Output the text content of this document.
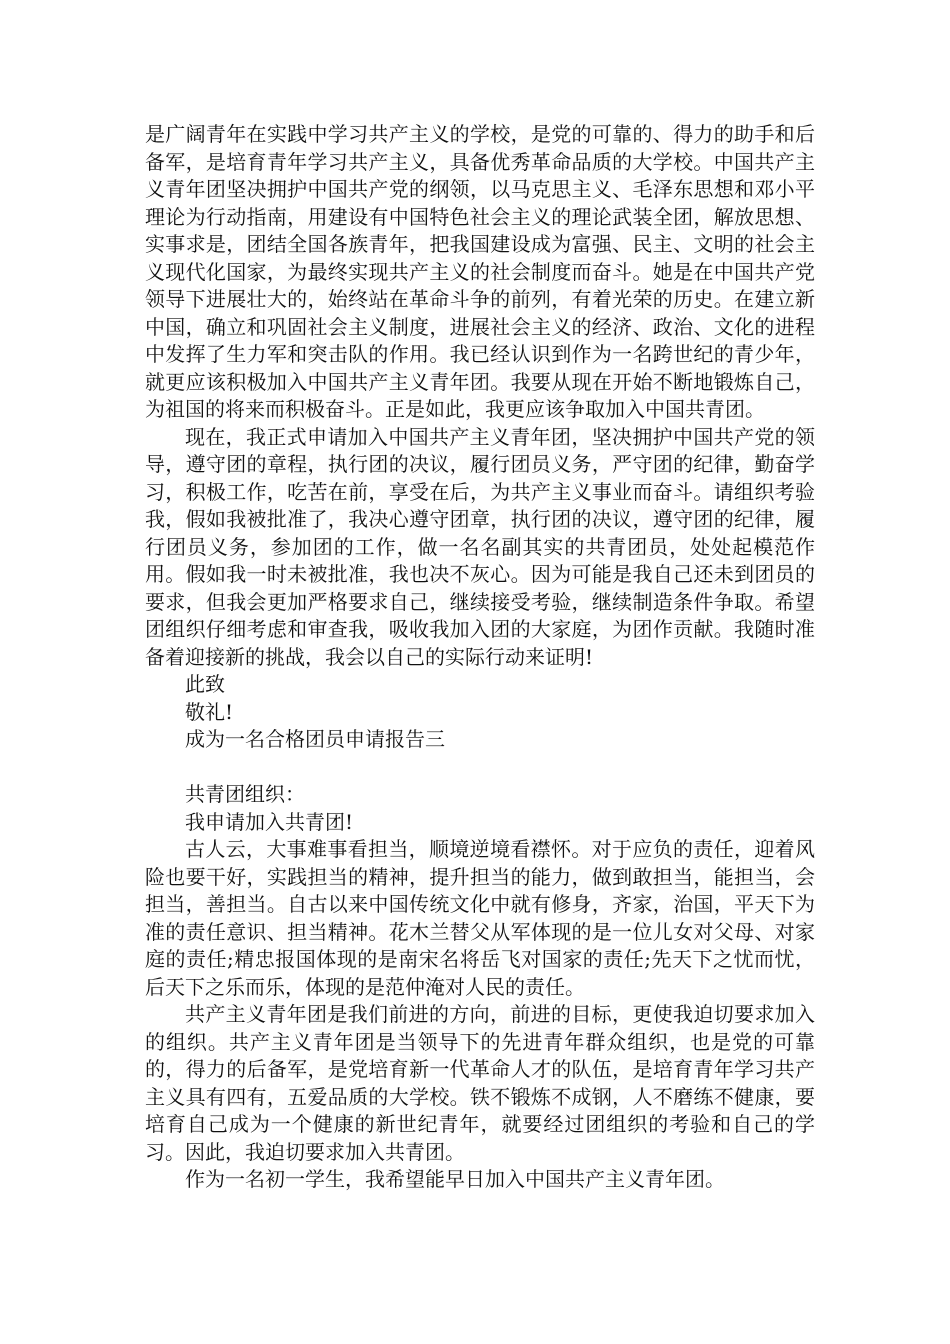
是广阔青年在实践中学习共产主义的学校，是党的可靠的、得力的助手和后备军，是培育青年学习共产主义，具备优秀革命品质的大学校。中国共产主义青年团坚决拥护中国共产党的纲领，以马克思主义、毛泽东思想和邓小平理论为行动指南，用建设有中国特色社会主义的理论武装全团，解放思想、实事求是，团结全国各族青年，把我国建设成为富强、民主、文明的社会主义现代化国家，为最终实现共产主义的社会制度而奋斗。她是在中国共产党领导下进展壮大的，始终站在革命斗争的前列，有着光荣的历史。在建立新中国，确立和巩固社会主义制度，进展社会主义的经济、政治、文化的进程中发挥了生力军和突击队的作用。我已经认识到作为一名跨世纪的青少年，就更应该积极加入中国共产主义青年团。我要从现在开始不断地锻炼自己，为祖国的将来而积极奋斗。正是如此，我更应该争取加入中国共青团。

现在，我正式申请加入中国共产主义青年团，坚决拥护中国共产党的领导，遵守团的章程，执行团的决议，履行团员义务，严守团的纪律，勤奋学习，积极工作，吃苦在前，享受在后，为共产主义事业而奋斗。请组织考验我，假如我被批准了，我决心遵守团章，执行团的决议，遵守团的纪律，履行团员义务，参加团的工作，做一名名副其实的共青团员，处处起模范作用。假如我一时未被批准，我也决不灰心。因为可能是我自己还未到团员的要求，但我会更加严格要求自己，继续接受考验，继续制造条件争取。希望团组织仔细考虑和审查我，吸收我加入团的大家庭，为团作贡献。我随时准备着迎接新的挑战，我会以自己的实际行动来证明!

此致

敬礼!

成为一名合格团员申请报告三

共青团组织：

我申请加入共青团!

古人云，大事难事看担当，顺境逆境看襟怀。对于应负的责任，迎着风险也要干好，实践担当的精神，提升担当的能力，做到敢担当，能担当，会担当，善担当。自古以来中国传统文化中就有修身，齐家，治国，平天下为准的责任意识、担当精神。花木兰替父从军体现的是一位儿女对父母、对家庭的责任;精忠报国体现的是南宋名将岳飞对国家的责任;先天下之忧而忧，后天下之乐而乐，体现的是范仲淹对人民的责任。

共产主义青年团是我们前进的方向，前进的目标，更使我迫切要求加入的组织。共产主义青年团是当领导下的先进青年群众组织，也是党的可靠的，得力的后备军，是党培育新一代革命人才的队伍，是培育青年学习共产主义具有四有，五爱品质的大学校。铁不锻炼不成钢，人不磨练不健康，要培育自己成为一个健康的新世纪青年，就要经过团组织的考验和自己的学习。因此，我迫切要求加入共青团。

作为一名初一学生，我希望能早日加入中国共产主义青年团。
